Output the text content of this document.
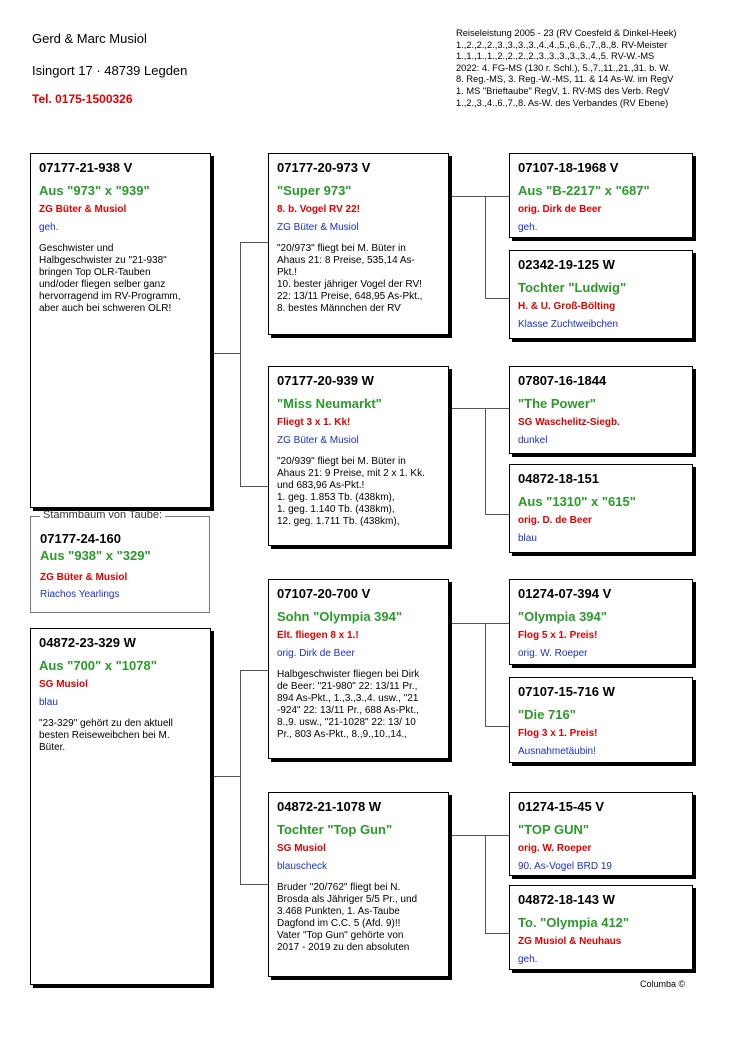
Gerd & Marc Musiol
Isingort 17 · 48739 Legden
Tel. 0175-1500326
Reiseleistung 2005 - 23 (RV Coesfeld & Dinkel-Heek)
1.,2.,2.,2.,3.,3.,3.,3.,4.,4.,5.,6.,6.,7.,8.,8. RV-Meister
1.,1.,1.,1.,2.,2.,2.,2.,3.,3.,3.,3.,3.,4.,5. RV-W.-MS
2022: 4. FG-MS (130 r. Schl.), 5.,7.,11.,21.,31. b. W.
8. Reg.-MS, 3. Reg.-W.-MS, 11. & 14 As-W. im RegV
1. MS "Brieftaube" RegV, 1. RV-MS des Verb. RegV
1.,2.,3.,4.,6.,7.,8. As-W. des Verbandes (RV Ebene)
Stammbaum von Taube:
07177-24-160
Aus "938" x "329"
ZG Büter & Musiol
Riachos Yearlings
07177-21-938 V
Aus "973" x "939"
ZG Büter & Musiol
geh.
Geschwister und
Halbgeschwister zu "21-938"
bringen Top OLR-Tauben
und/oder fliegen selber ganz
hervorragend im RV-Programm,
aber auch bei schweren OLR!
04872-23-329 W
Aus "700" x "1078"
SG Musiol
blau
"23-329" gehört zu den aktuell
besten Reiseweibchen bei M.
Büter.
07177-20-973 V
"Super 973"
8. b. Vogel RV 22!
ZG Büter & Musiol
"20/973" fliegt bei M. Büter in
Ahaus 21: 8 Preise, 535,14 As-
Pkt.!
10. bester jähriger Vogel der RV!
22: 13/11 Preise, 648,95 As-Pkt.,
8. bestes Männchen der RV
07177-20-939 W
"Miss Neumarkt"
Fliegt 3 x 1. Kk!
ZG Büter & Musiol
"20/939" fliegt bei M. Büter in
Ahaus 21: 9 Preise, mit 2 x 1. Kk.
und 683,96 As-Pkt.!
1. geg. 1.853 Tb. (438km),
1. geg. 1.140 Tb. (438km),
12. geg. 1.711 Tb. (438km),
07107-20-700 V
Sohn "Olympia 394"
Elt. fliegen 8 x 1.!
orig. Dirk de Beer
Halbgeschwister fliegen bei Dirk
de Beer: "21-980" 22: 13/11 Pr.,
894 As-Pkt., 1.,3.,3.,4. usw., "21
-924" 22: 13/11 Pr., 688 As-Pkt.,
8.,9. usw., "21-1028" 22: 13/ 10
Pr., 803 As-Pkt., 8.,9.,10.,14.,
04872-21-1078 W
Tochter "Top Gun"
SG Musiol
blauscheck
Bruder "20/762" fliegt bei N.
Brosda als Jähriger 5/5 Pr., und
3.468 Punkten, 1. As-Taube
Dagfond im C.C. 5 (Afd. 9)!!
Vater "Top Gun" gehörte von
2017 - 2019 zu den absoluten
07107-18-1968 V
Aus "B-2217" x "687"
orig. Dirk de Beer
geh.
02342-19-125 W
Tochter "Ludwig"
H. & U. Groß-Bölting
Klasse Zuchtweibchen
07807-16-1844
"The Power"
SG Waschelitz-Siegb.
dunkel
04872-18-151
Aus "1310" x "615"
orig. D. de Beer
blau
01274-07-394 V
"Olympia 394"
Flog 5 x 1. Preis!
orig. W. Roeper
07107-15-716 W
"Die 716"
Flog 3 x 1. Preis!
Ausnahmetäubin!
01274-15-45 V
"TOP GUN"
orig. W. Roeper
90. As-Vogel BRD 19
04872-18-143 W
To. "Olympia 412"
ZG Musiol & Neuhaus
geh.
Columba ©
